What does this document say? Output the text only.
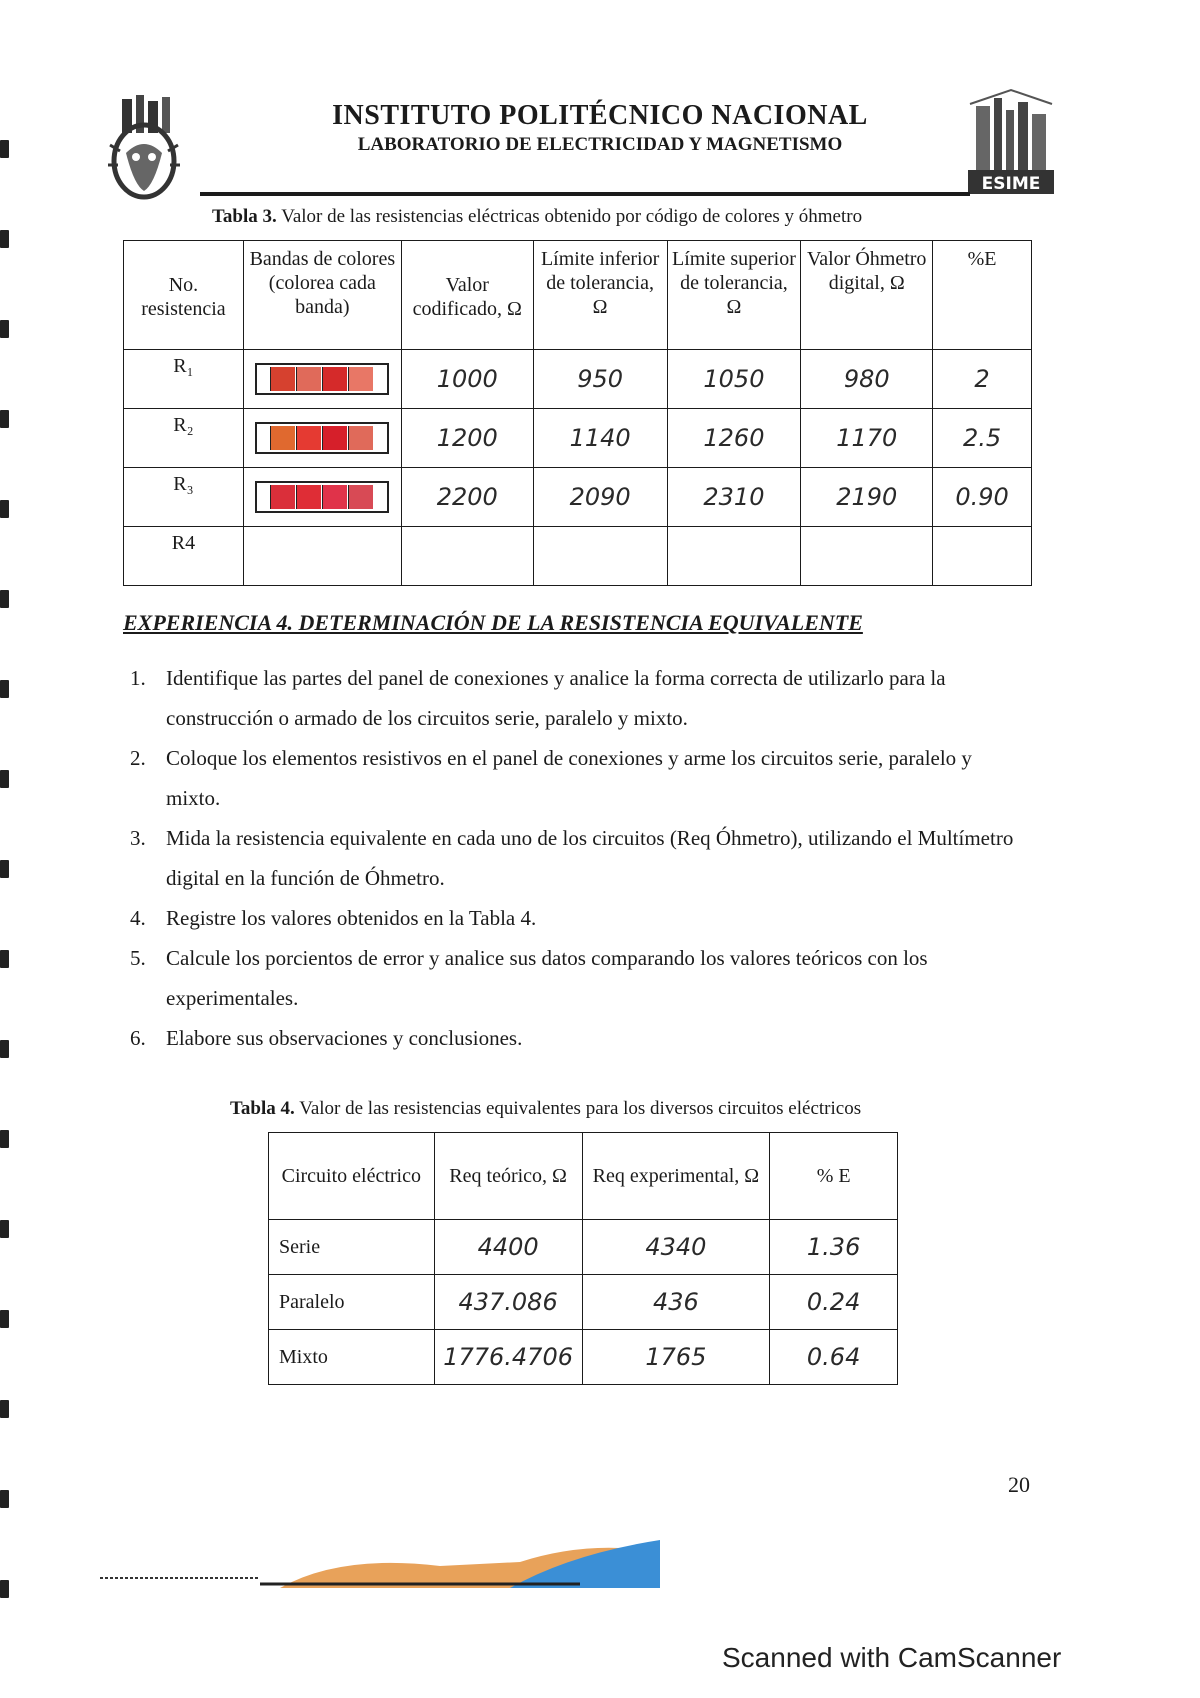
ESIME
INSTITUTO POLITÉCNICO NACIONAL
LABORATORIO DE ELECTRICIDAD Y MAGNETISMO
Tabla 3. Valor de las resistencias eléctricas obtenido por código de colores y óhmetro
No. resistencia	Bandas de colores (colorea cada banda)	Valor codificado, Ω	Límite inferior de tolerancia, Ω	Límite superior de tolerancia, Ω	Valor Óhmetro digital, Ω	%E
R₁		1000	950	1050	980	2
R₂		1200	1140	1260	1170	2.5
R₃		2200	2090	2310	2190	0.90
R4						
EXPERIENCIA 4. DETERMINACIÓN DE LA RESISTENCIA EQUIVALENTE
1. Identifique las partes del panel de conexiones y analice la forma correcta de utilizarlo para la construcción o armado de los circuitos serie, paralelo y mixto.
2. Coloque los elementos resistivos en el panel de conexiones y arme los circuitos serie, paralelo y mixto.
3. Mida la resistencia equivalente en cada uno de los circuitos (Req Óhmetro), utilizando el Multímetro digital en la función de Óhmetro.
4. Registre los valores obtenidos en la Tabla 4.
5. Calcule los porcientos de error y analice sus datos comparando los valores teóricos con los experimentales.
6. Elabore sus observaciones y conclusiones.
Tabla 4. Valor de las resistencias equivalentes para los diversos circuitos eléctricos
Circuito eléctrico	Req teórico, Ω	Req experimental, Ω	% E
Serie	4400	4340	1.36
Paralelo	437.086	436	0.24
Mixto	1776.4706	1765	0.64
20
Scanned with CamScanner
